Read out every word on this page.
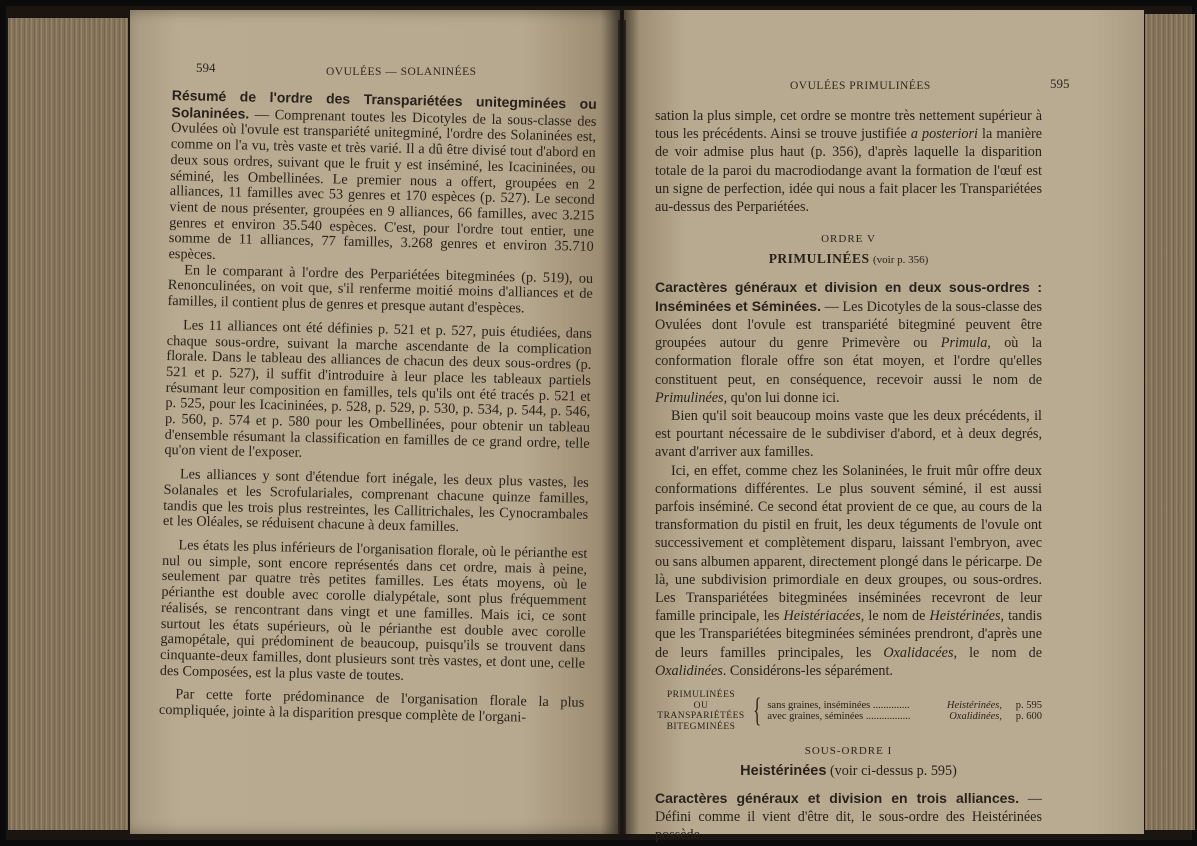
594	OVULÉES — SOLANINÉES

Résumé de l'ordre des Transpariétées unitegminées ou Solaninées. — Comprenant toutes les Dicotyles de la sous-classe des Ovulées où l'ovule est transpariété unitegminé, l'ordre des Solaninées est, comme on l'a vu, très vaste et très varié. Il a dû être divisé tout d'abord en deux sous ordres, suivant que le fruit y est inséminé, les Icacininées, ou séminé, les Ombellinées. Le premier nous a offert, groupées en 2 alliances, 11 familles avec 53 genres et 170 espèces (p. 527). Le second vient de nous présenter, groupées en 9 alliances, 66 familles, avec 3.215 genres et environ 35.540 espèces. C'est, pour l'ordre tout entier, une somme de 11 alliances, 77 familles, 3.268 genres et environ 35.710 espèces.

En le comparant à l'ordre des Perpariétées bitegminées (p. 519), ou Renonculinées, on voit que, s'il renferme moitié moins d'alliances et de familles, il contient plus de genres et presque autant d'espèces.

Les 11 alliances ont été définies p. 521 et p. 527, puis étudiées, dans chaque sous-ordre, suivant la marche ascendante de la complication florale. Dans le tableau des alliances de chacun des deux sous-ordres (p. 521 et p. 527), il suffit d'introduire à leur place les tableaux partiels résumant leur composition en familles, tels qu'ils ont été tracés p. 521 et p. 525, pour les Icacininées, p. 528, p. 529, p. 530, p. 534, p. 544, p. 546, p. 560, p. 574 et p. 580 pour les Ombellinées, pour obtenir un tableau d'ensemble résumant la classification en familles de ce grand ordre, telle qu'on vient de l'exposer.

Les alliances y sont d'étendue fort inégale, les deux plus vastes, les Solanales et les Scrofulariales, comprenant chacune quinze familles, tandis que les trois plus restreintes, les Callitrichales, les Cynocrambales et les Oléales, se réduisent chacune à deux familles.

Les états les plus inférieurs de l'organisation florale, où le périanthe est nul ou simple, sont encore représentés dans cet ordre, mais à peine, seulement par quatre très petites familles. Les états moyens, où le périanthe est double avec corolle dialypétale, sont plus fréquemment réalisés, se rencontrant dans vingt et une familles. Mais ici, ce sont surtout les états supérieurs, où le périanthe est double avec corolle gamopétale, qui prédominent de beaucoup, puisqu'ils se trouvent dans cinquante-deux familles, dont plusieurs sont très vastes, et dont une, celle des Composées, est la plus vaste de toutes.

Par cette forte prédominance de l'organisation florale la plus compliquée, jointe à la disparition presque complète de l'organi-

OVULÉES PRIMULINÉES	595

sation la plus simple, cet ordre se montre très nettement supérieur à tous les précédents. Ainsi se trouve justifiée a posteriori la manière de voir admise plus haut (p. 356), d'après laquelle la disparition totale de la paroi du macrodiodange avant la formation de l'œuf est un signe de perfection, idée qui nous a fait placer les Transpariétées au-dessus des Perpariétées.

ORDRE V
PRIMULINÉES (voir p. 356)

Caractères généraux et division en deux sous-ordres : Inséminées et Séminées. — Les Dicotyles de la sous-classe des Ovulées dont l'ovule est transpariété bitegminé peuvent être groupées autour du genre Primevère ou Primula, où la conformation florale offre son état moyen, et l'ordre qu'elles constituent peut, en conséquence, recevoir aussi le nom de Primulinées, qu'on lui donne ici.

Bien qu'il soit beaucoup moins vaste que les deux précédents, il est pourtant nécessaire de le subdiviser d'abord, et à deux degrés, avant d'arriver aux familles.

Ici, en effet, comme chez les Solaninées, le fruit mûr offre deux conformations différentes. Le plus souvent séminé, il est aussi parfois inséminé. Ce second état provient de ce que, au cours de la transformation du pistil en fruit, les deux téguments de l'ovule ont successivement et complètement disparu, laissant l'embryon, avec ou sans albumen apparent, directement plongé dans le péricarpe. De là, une subdivision primordiale en deux groupes, ou sous-ordres. Les Transpariétées bitegminées inséminées recevront de leur famille principale, les Heistériacées, le nom de Heistérinées, tandis que les Transpariétées bitegminées séminées prendront, d'après une de leurs familles principales, les Oxalidacées, le nom de Oxalidinées. Considérons-les séparément.

PRIMULINÉES
OU
TRANSPARIÉTÉES
BITEGMINÉES { sans graines, inséminées ..............	Heistérinées,	p. 595
avec graines, séminées .................	Oxalidinées,	p. 600
SOUS-ORDRE I
Heistérinées (voir ci-dessus p. 595)

Caractères généraux et division en trois alliances. — Défini comme il vient d'être dit, le sous-ordre des Heistérinées possède
